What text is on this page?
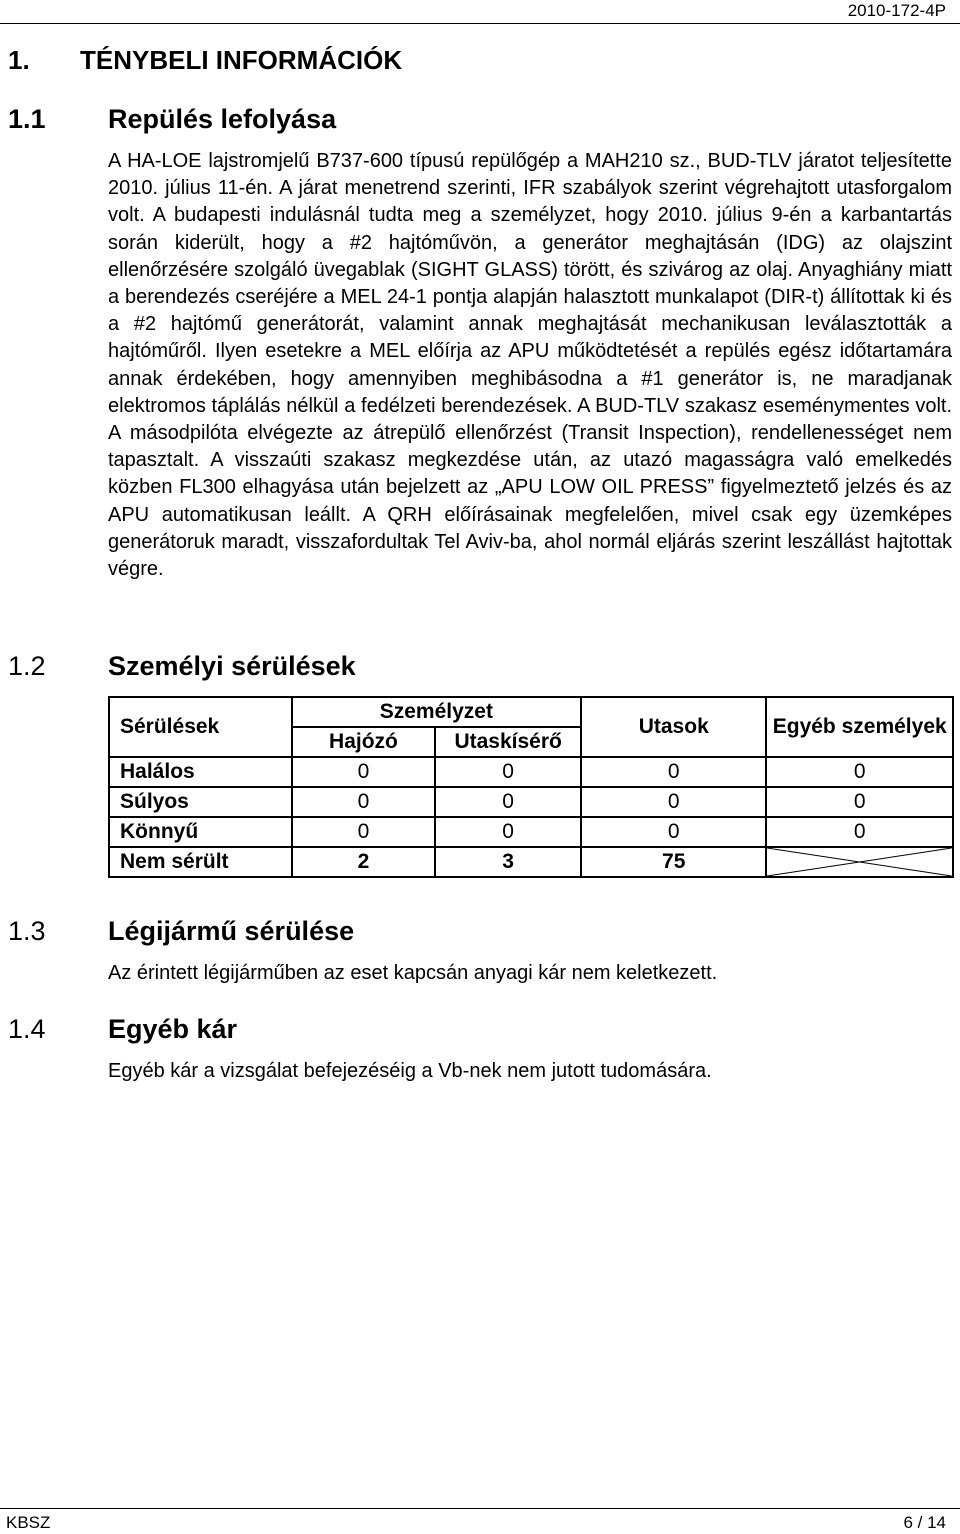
2010-172-4P
1. TÉNYBELI INFORMÁCIÓK
1.1 Repülés lefolyása
A HA-LOE lajstromjelű B737-600 típusú repülőgép a MAH210 sz., BUD-TLV járatot teljesítette 2010. július 11-én. A járat menetrend szerinti, IFR szabályok szerint végrehajtott utasforgalom volt. A budapesti indulásnál tudta meg a személyzet, hogy 2010. július 9-én a karbantartás során kiderült, hogy a #2 hajtóművön, a generátor meghajtásán (IDG) az olajszint ellenőrzésére szolgáló üvegablak (SIGHT GLASS) törött, és szivárog az olaj. Anyaghiány miatt a berendezés cseréjére a MEL 24-1 pontja alapján halasztott munkalapot (DIR-t) állítottak ki és a #2 hajtómű generátorát, valamint annak meghajtását mechanikusan leválasztották a hajtóműről. Ilyen esetekre a MEL előírja az APU működtetését a repülés egész időtartamára annak érdekében, hogy amennyiben meghibásodna a #1 generátor is, ne maradjanak elektromos táplálás nélkül a fedélzeti berendezések. A BUD-TLV szakasz eseménymentes volt. A másodpilóta elvégezte az átrepülő ellenőrzést (Transit Inspection), rendellenességet nem tapasztalt. A visszaúti szakasz megkezdése után, az utazó magasságra való emelkedés közben FL300 elhagyása után bejelzett az „APU LOW OIL PRESS” figyelmeztető jelzés és az APU automatikusan leállt. A QRH előírásainak megfelelően, mivel csak egy üzemképes generátoruk maradt, visszafordultak Tel Aviv-ba, ahol normál eljárás szerint leszállást hajtottak végre.
1.2 Személyi sérülések
Sérülések	Személyzet		Utasok	Egyéb személyek
	Hajózó	Utaskísérő		
Halálos	0	0	0	0
Súlyos	0	0	0	0
Könnyű	0	0	0	0
Nem sérült	2	3	75	
1.3 Légijármű sérülése
Az érintett légijárműben az eset kapcsán anyagi kár nem keletkezett.
1.4 Egyéb kár
Egyéb kár a vizsgálat befejezéséig a Vb-nek nem jutott tudomására.
KBSZ	6 / 14
